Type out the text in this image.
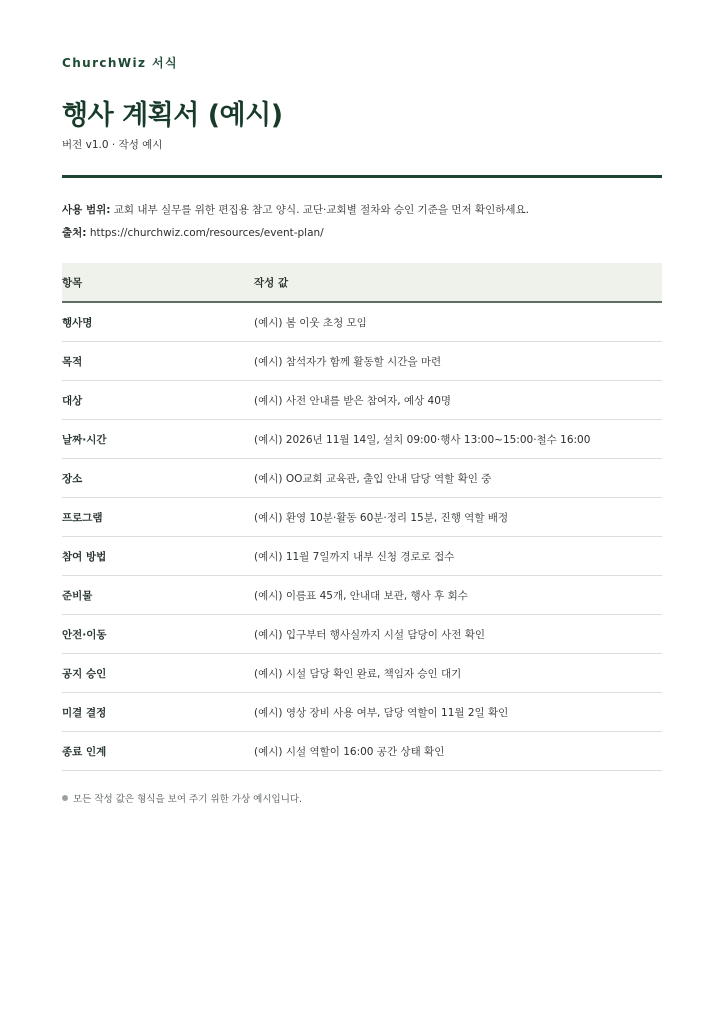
ChurchWiz 서식

행사 계획서 (예시)
버전 v1.0 · 작성 예시
사용 범위: 교회 내부 실무를 위한 편집용 참고 양식. 교단·교회별 절차와 승인 기준을 먼저 확인하세요.
출처: https://churchwiz.com/resources/event-plan/
항목	작성 값
행사명	(예시) 봄 이웃 초청 모임
목적	(예시) 참석자가 함께 활동할 시간을 마련
대상	(예시) 사전 안내를 받은 참여자, 예상 40명
날짜·시간	(예시) 2026년 11월 14일, 설치 09:00·행사 13:00~15:00·철수 16:00
장소	(예시) OO교회 교육관, 출입 안내 담당 역할 확인 중
프로그램	(예시) 환영 10분·활동 60분·정리 15분, 진행 역할 배정
참여 방법	(예시) 11월 7일까지 내부 신청 경로로 접수
준비물	(예시) 이름표 45개, 안내대 보관, 행사 후 회수
안전·이동	(예시) 입구부터 행사실까지 시설 담당이 사전 확인
공지 승인	(예시) 시설 담당 확인 완료, 책임자 승인 대기
미결 결정	(예시) 영상 장비 사용 여부, 담당 역할이 11월 2일 확인
종료 인계	(예시) 시설 역할이 16:00 공간 상태 확인
모든 작성 값은 형식을 보여 주기 위한 가상 예시입니다.
